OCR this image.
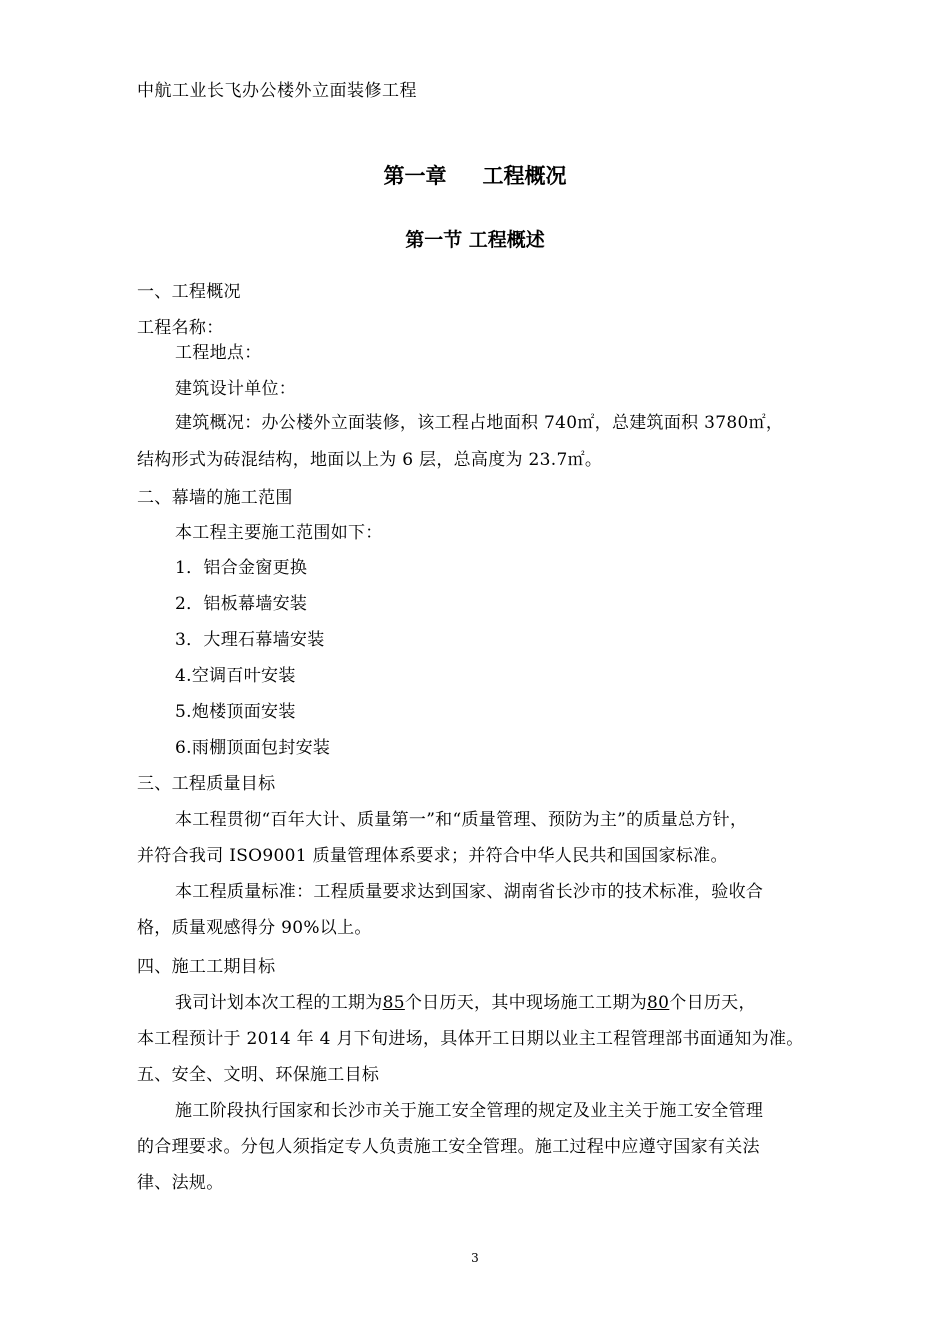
中航工业长飞办公楼外立面装修工程
第一章 工程概况
第一节 工程概述
一、工程概况
工程名称：
工程地点：
建筑设计单位：
建筑概况：办公楼外立面装修，该工程占地面积 740㎡，总建筑面积 3780㎡，
结构形式为砖混结构，地面以上为 6 层，总高度为 23.7㎡。
二、幕墙的施工范围
本工程主要施工范围如下：
1．铝合金窗更换
2．铝板幕墙安装
3．大理石幕墙安装
4.空调百叶安装
5.炮楼顶面安装
6.雨棚顶面包封安装
三、工程质量目标
本工程贯彻“百年大计、质量第一”和“质量管理、预防为主”的质量总方针，
并符合我司 ISO9001 质量管理体系要求；并符合中华人民共和国国家标准。
本工程质量标准：工程质量要求达到国家、湖南省长沙市的技术标准，验收合
格，质量观感得分 90%以上。
四、施工工期目标
我司计划本次工程的工期为85个日历天，其中现场施工工期为80个日历天，
本工程预计于 2014 年 4 月下旬进场，具体开工日期以业主工程管理部书面通知为准。
五、安全、文明、环保施工目标
施工阶段执行国家和长沙市关于施工安全管理的规定及业主关于施工安全管理
的合理要求。分包人须指定专人负责施工安全管理。施工过程中应遵守国家有关法
律、法规。
3
